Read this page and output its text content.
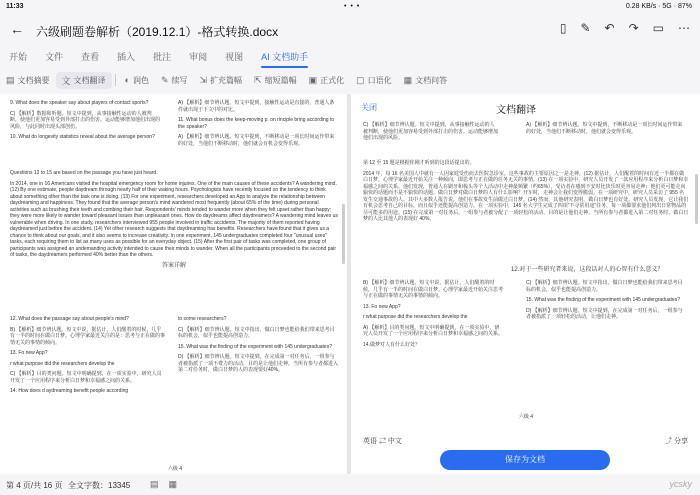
11:33	• • •	0.28 KB/s · 5G · 87%
← 六级刷题卷解析（2019.12.1）-格式转换.docx	▯ ✎ ↶ ↷ ▭ ⋯
开始	文件	查看	插入	批注	审阅	视图	AI 文档助手
▤ 文档摘要 文 文档翻译 ◐ 润色 ✎ 续写 ⇲ 扩充篇幅 ⇱ 缩短篇幅 ▣ 正式化 ▢ 口语化 ▦ 文档问答
9. What does the speaker say about players of contact sports?
C) 【解析】数据和听题。短文中提到，从事接触性运动的人被判断，使他们更加容易受到外部打击的伤害。运动能够增加他们出现的风险，与此同时出现头部创伤。
10. What do longevity statistics reveal about the average person?
A) 【解析】细节辨认题。短文中提到，接触性运动是直接的，普通人条件就出现于下文中的对比。
11. What bonus does the keep-moving p. on rinciple bring according to the speaker?
A) 【解析】细节辨认题。短文中提到，不断移动是一项长时间运作带来的好处，当他们不断移动时，他们就会有机会变得乐观。
Questions 12 to 15 are based on the passage you have just heard.
In 2014, one in 16 Americans visited the hospital emergency room for home injuries. One of the main causes of these accidents? A wandering mind. (12) By one estimate, people daydream through nearly half of their waking hours. Psychologists have recently focused on the tendency to think about something other than the task one is doing. (13) For one experiment, researchers developed an App to analyze the relationship between daydreaming and happiness. They found that the average person's mind wandered most frequently (about 65% of the time) during personal activities such as brushing their teeth and combing their hair. Respondents' minds tended to wander more when they felt upset rather than happy; they were more likely to wander toward pleasant issues than unpleasant ones. How do daydreams affect daydreamers? A wandering mind leaves us vulnerable when driving. In one study, researchers interviewed 955 people involved in traffic accidents. The majority of them reported having daydreamed just before the accident. (14) Yet other research suggests that daydreaming has benefits. Researchers have found that it gives us a chance to think about our goals, and it also seems to increase creativity. In one experiment, 145 undergraduates completed four "unusual uses" tasks, each requiring them to list as many uses as possible for an everyday object. (15) After the first pair of tasks was completed, one group of participants was assigned an undemanding activity intended to cause their minds to wander. When all the participants proceeded to the second pair of tasks, the daydreamers performed 40% better than the others.
答案详解
12. What does the passage say about people's mind?
B) 【解析】细节辨认题。短文中说，据估计，人们醒着的时候，几乎有一半的时间在做白日梦。心理学家最近关注的是：思考与正在做的事情无关的事情的倾向。
13. Fo new App?
r what purpose did the researchers develop the
C) 【解析】目的类问题。短文中明确提到，在一项实验中，研究人员开发了一个应用程序来分析白日梦和幸福感之间的关系。
14. How does d aydreaming benefit people according
to some researchers?
C) 【解析】细节辨认题。短文中指出，做白日梦也能给我们带来思考目标的机会，似乎也能提高创造力。
15. What was the finding of the experiment with 145 undergraduates?
D) 【解析】细节辨认题。短文中提到，在完成第一对任务后，一组参与者被指派了一项不费力的活动，目的是让他们走神，当所有参与者都进入第二对任务时，做白日梦的人的表现要好40%。
六级 4
关闭	文档翻译
C) 【解析】细节辨认题。短文中提到，从事接触性运动的人被判断，使他们更加容易受到外部打击的伤害。运动能够增加他们出现的风险。
A) 【解析】细节辨认题。短文中提到，不断移动是一项长时间运作带来的好处，当他们不断移动时，他们就会变得乐观。
第 12 至 15 题是根据你刚才听到的这段话提出的。
2014 年，每 16 名美国人中就有一人因家庭受伤而去医院急诊室。这些事故的主要原因之一是走神。(12) 据估计，人们醒着的时间有近一半都在做白日梦。心理学家最近开始关注一种倾向，即思考与正在做的任务无关的事情。(13) 在一项实验中，研究人员开发了一款应用程序来分析白日梦和幸福感之间的关系。他们发现，普通人在刷牙和梳头等个人活动中走神最频繁（约65%）。受访者在感到不安时比快乐时更容易走神；他们更可能走向愉快的话题而不是不愉快的话题。做白日梦对做白日梦的人有什么影响？开车时，走神会让我们变得脆弱。在一项研究中，研究人员采访了 955 名发生交通事故的人。其中大多数人报告说，他们在事故发生前做过白日梦。(14) 然而，其他研究表明，做白日梦也有好处。研究人员发现，它让我们有机会思考自己的目标，而且似乎还能提高创造力。在一项实验中，145 名大学生完成了四项“不寻常用途”任务，每一项都要求他们列出日常物品的尽可能多的用途。(15) 在完成第一对任务后，一组参与者被分配了一项轻松的活动，目的是让他们走神。当所有参与者都进入第二对任务时，做白日梦的人比其他人的表现好 40%。
12.对于一些研究者来说，这段话对人的心智有什么意义？
B) 【解析】细节辨认题。短文中说，据估计，人们醒着的时候，几乎有一半的时间在做白日梦。心理学家最近开始关注思考与正在做的事情无关的事情的倾向。
13. Fo new App?
r what purpose did the researchers develop the
A) 【解析】目的类问题。短文中明确提到，在一项实验中，研究人员开发了一个应用程序来分析白日梦和幸福感之间的关系。
14.做梦对人有什么好处？
C) 【解析】细节辨认题。短文中指出，做白日梦也能给我们带来思考目标的机会，似乎也能提高创造力。
15. What was the finding of the experiment with 145 undergraduates?
D) 【解析】细节辨认题。短文中提到，在完成第一对任务后，一组参与者被指派了一项轻松的活动，让他们走神。
六级 4
英语 ⇄ 中文	⤴ 分享
保存为文档
第 4 页/共 16 页 全文字数：13345 ▤ ▦	ycsky
